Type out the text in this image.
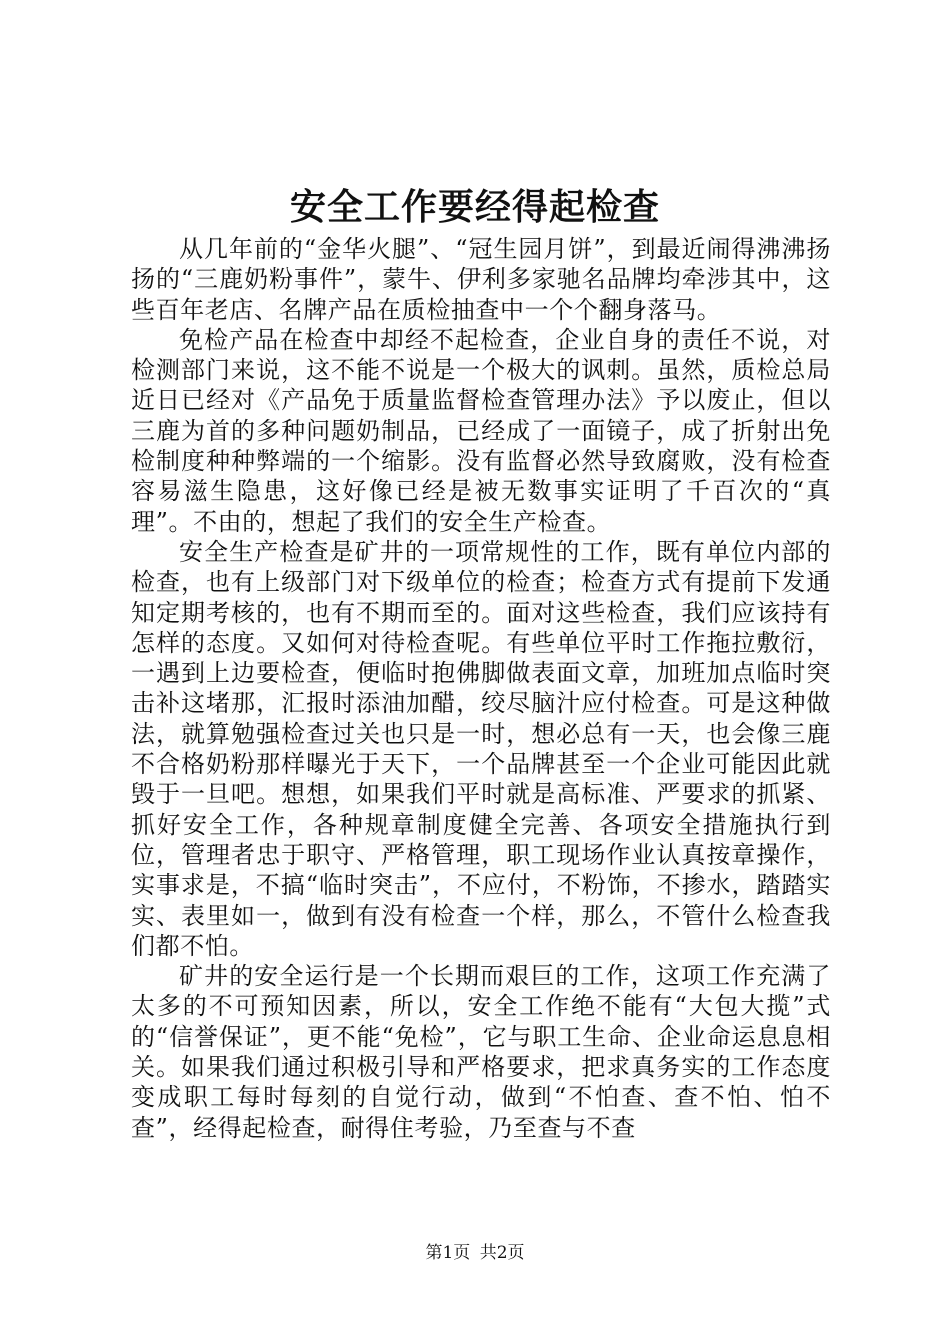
安全工作要经得起检查

从几年前的“金华火腿”、“冠生园月饼”，到最近闹得沸沸扬扬的“三鹿奶粉事件”，蒙牛、伊利多家驰名品牌均牵涉其中，这些百年老店、名牌产品在质检抽查中一个个翻身落马。

免检产品在检查中却经不起检查，企业自身的责任不说，对检测部门来说，这不能不说是一个极大的讽刺。虽然，质检总局近日已经对《产品免于质量监督检查管理办法》予以废止，但以三鹿为首的多种问题奶制品，已经成了一面镜子，成了折射出免检制度种种弊端的一个缩影。没有监督必然导致腐败，没有检查容易滋生隐患，这好像已经是被无数事实证明了千百次的“真理”。不由的，想起了我们的安全生产检查。

安全生产检查是矿井的一项常规性的工作，既有单位内部的检查，也有上级部门对下级单位的检查；检查方式有提前下发通知定期考核的，也有不期而至的。面对这些检查，我们应该持有怎样的态度。又如何对待检查呢。有些单位平时工作拖拉敷衍，一遇到上边要检查，便临时抱佛脚做表面文章，加班加点临时突击补这堵那，汇报时添油加醋，绞尽脑汁应付检查。可是这种做法，就算勉强检查过关也只是一时，想必总有一天，也会像三鹿不合格奶粉那样曝光于天下，一个品牌甚至一个企业可能因此就毁于一旦吧。想想，如果我们平时就是高标准、严要求的抓紧、抓好安全工作，各种规章制度健全完善、各项安全措施执行到位，管理者忠于职守、严格管理，职工现场作业认真按章操作，实事求是，不搞“临时突击”，不应付，不粉饰，不掺水，踏踏实实、表里如一，做到有没有检查一个样，那么，不管什么检查我们都不怕。

矿井的安全运行是一个长期而艰巨的工作，这项工作充满了太多的不可预知因素，所以，安全工作绝不能有“大包大揽”式的“信誉保证”，更不能“免检”，它与职工生命、企业命运息息相关。如果我们通过积极引导和严格要求，把求真务实的工作态度变成职工每时每刻的自觉行动，做到“不怕查、查不怕、怕不查”，经得起检查，耐得住考验，乃至查与不查

第1页 共2页
